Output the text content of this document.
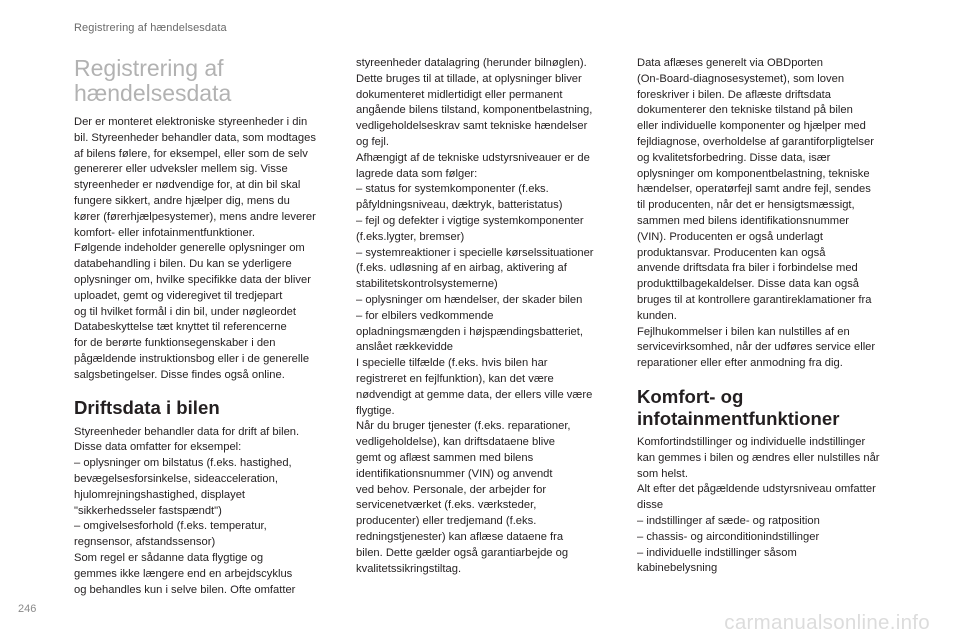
Registrering af hændelsesdata
Registrering af
hændelsesdata
Der er monteret elektroniske styreenheder i din
bil. Styreenheder behandler data, som modtages
af bilens følere, for eksempel, eller som de selv
genererer eller udveksler mellem sig. Visse
styreenheder er nødvendige for, at din bil skal
fungere sikkert, andre hjælper dig, mens du
kører (førerhjælpesystemer), mens andre leverer
komfort- eller infotainmentfunktioner.
Følgende indeholder generelle oplysninger om
databehandling i bilen. Du kan se yderligere
oplysninger om, hvilke specifikke data der bliver
uploadet, gemt og videregivet til tredjepart
og til hvilket formål i din bil, under nøgleordet
Databeskyttelse tæt knyttet til referencerne
for de berørte funktionsegenskaber i den
pågældende instruktionsbog eller i de generelle
salgsbetingelser. Disse findes også online.
Driftsdata i bilen
Styreenheder behandler data for drift af bilen.
Disse data omfatter for eksempel:
– oplysninger om bilstatus (f.eks. hastighed,
bevægelsesforsinkelse, sideacceleration,
hjulomrejningshastighed, displayet
"sikkerhedsseler fastspændt")
– omgivelsesforhold (f.eks. temperatur,
regnsensor, afstandssensor)
Som regel er sådanne data flygtige og
gemmes ikke længere end en arbejdscyklus
og behandles kun i selve bilen. Ofte omfatter
styreenheder datalagring (herunder bilnøglen).
Dette bruges til at tillade, at oplysninger bliver
dokumenteret midlertidigt eller permanent
angående bilens tilstand, komponentbelastning,
vedligeholdelseskrav samt tekniske hændelser
og fejl.
Afhængigt af de tekniske udstyrsniveauer er de
lagrede data som følger:
– status for systemkomponenter (f.eks.
påfyldningsniveau, dæktryk, batteristatus)
– fejl og defekter i vigtige systemkomponenter
(f.eks.lygter, bremser)
– systemreaktioner i specielle kørselssituationer
(f.eks. udløsning af en airbag, aktivering af
stabilitetskontrolsystemerne)
– oplysninger om hændelser, der skader bilen
– for elbilers vedkommende
opladningsmængden i højspændingsbatteriet,
anslået rækkevidde
I specielle tilfælde (f.eks. hvis bilen har
registreret en fejlfunktion), kan det være
nødvendigt at gemme data, der ellers ville være
flygtige.
Når du bruger tjenester (f.eks. reparationer,
vedligeholdelse), kan driftsdataene blive
gemt og aflæst sammen med bilens
identifikationsnummer (VIN) og anvendt
ved behov. Personale, der arbejder for
servicenetværket (f.eks. værksteder,
producenter) eller tredjemand (f.eks.
redningstjenester) kan aflæse dataene fra
bilen. Dette gælder også garantiarbejde og
kvalitetssikringstiltag.
Data aflæses generelt via OBDporten
(On-Board-diagnosesystemet), som loven
foreskriver i bilen. De aflæste driftsdata
dokumenterer den tekniske tilstand på bilen
eller individuelle komponenter og hjælper med
fejldiagnose, overholdelse af garantiforpligtelser
og kvalitetsforbedring. Disse data, især
oplysninger om komponentbelastning, tekniske
hændelser, operatørfejl samt andre fejl, sendes
til producenten, når det er hensigtsmæssigt,
sammen med bilens identifikationsnummer
(VIN). Producenten er også underlagt
produktansvar. Producenten kan også
anvende driftsdata fra biler i forbindelse med
produkttilbagekaldelser. Disse data kan også
bruges til at kontrollere garantireklamationer fra
kunden.
Fejlhukommelser i bilen kan nulstilles af en
servicevirksomhed, når der udføres service eller
reparationer eller efter anmodning fra dig.
Komfort- og
infotainmentfunktioner
Komfortindstillinger og individuelle indstillinger
kan gemmes i bilen og ændres eller nulstilles når
som helst.
Alt efter det pågældende udstyrsniveau omfatter
disse
– indstillinger af sæde- og ratposition
– chassis- og airconditionindstillinger
– individuelle indstillinger såsom
kabinebelysning
246
carmanualsonline.info
